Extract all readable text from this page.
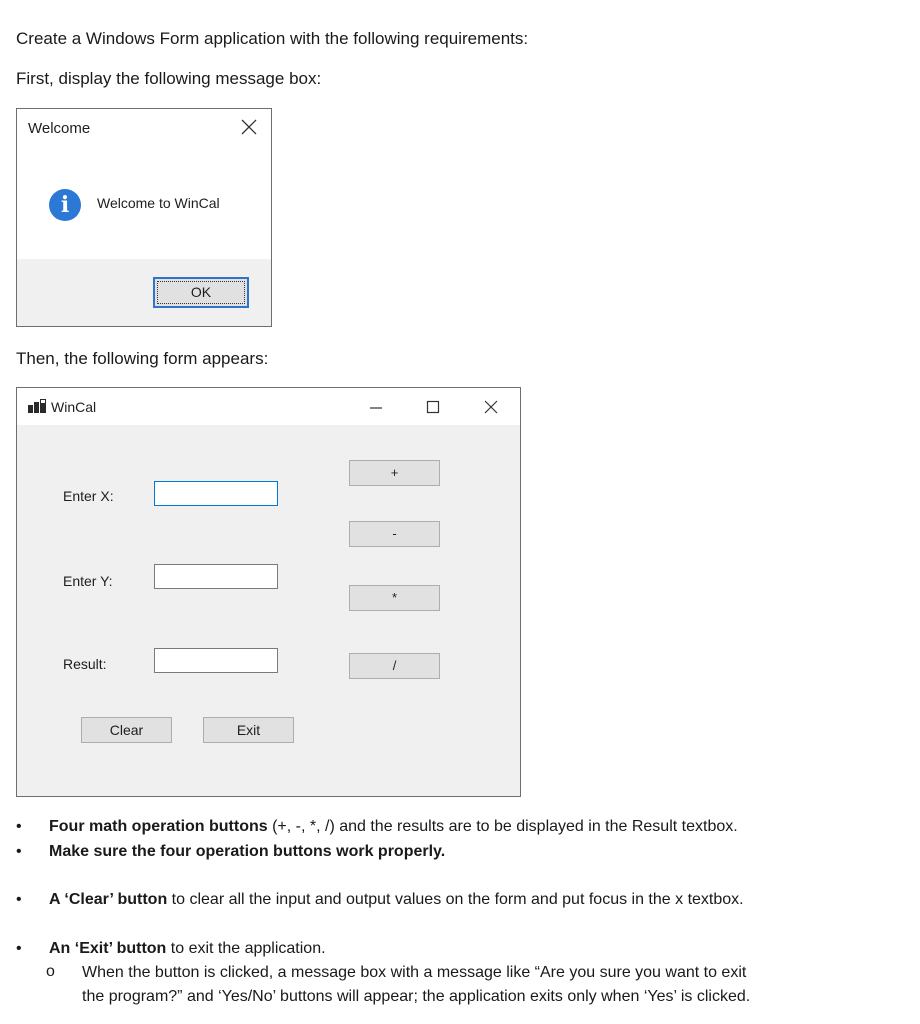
Create a Windows Form application with the following requirements:
First, display the following message box:
Welcome
i	Welcome to WinCal
OK
Then, the following form appears:
WinCal
Enter X:
Enter Y:
Result:
+
-
*
/
Clear	Exit
• Four math operation buttons (+, -, *, /) and the results are to be displayed in the Result textbox.
• Make sure the four operation buttons work properly.
• A ‘Clear’ button to clear all the input and output values on the form and put focus in the x textbox.
• An ‘Exit’ button to exit the application.
o When the button is clicked, a message box with a message like “Are you sure you want to exit
the program?” and ‘Yes/No’ buttons will appear; the application exits only when ‘Yes’ is clicked.
